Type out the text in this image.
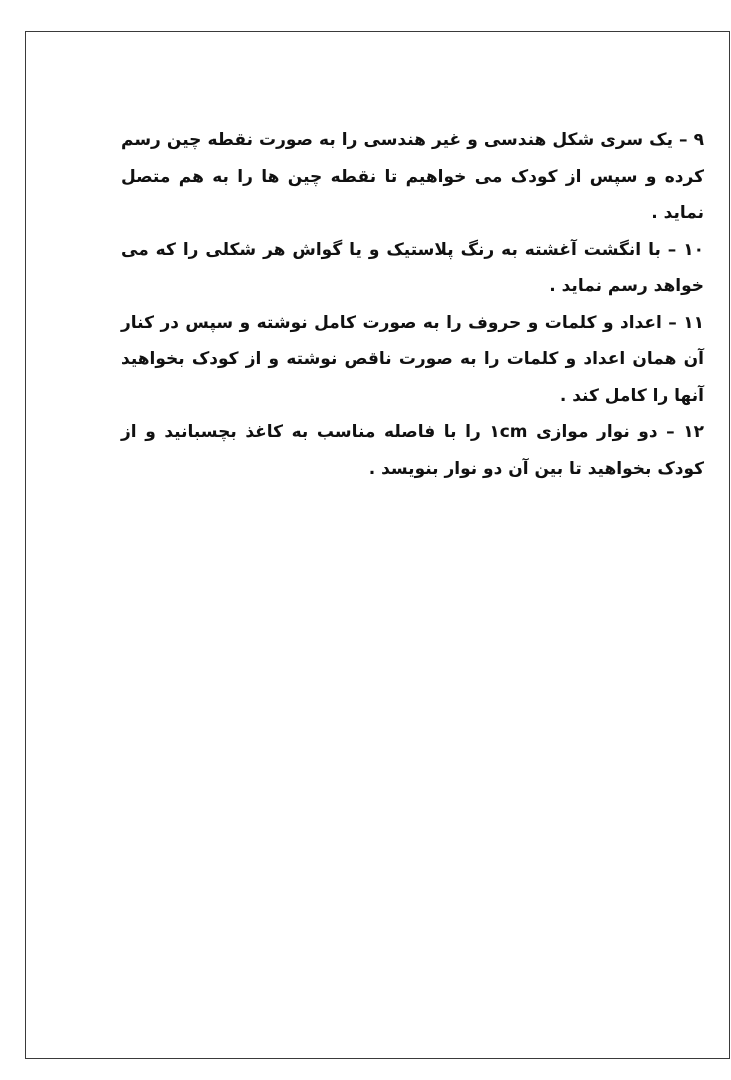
۹ – یک سری شکل هندسی و غیر هندسی را به صورت نقطه چین رسم کرده و سپس از کودک می خواهیم تا نقطه چین ها را به هم متصل نماید .

۱۰ – با انگشت آغشته به رنگ پلاستیک و یا گواش هر شکلی را که می خواهد رسم نماید .

۱۱ – اعداد و کلمات و حروف را به صورت کامل نوشته و سپس در کنار آن همان اعداد و کلمات را به صورت ناقص نوشته و از کودک بخواهید آنها را کامل کند .

۱۲ – دو نوار موازی ۱cm را با فاصله مناسب به کاغذ بچسبانید و از کودک بخواهید تا بین آن دو نوار بنویسد .
